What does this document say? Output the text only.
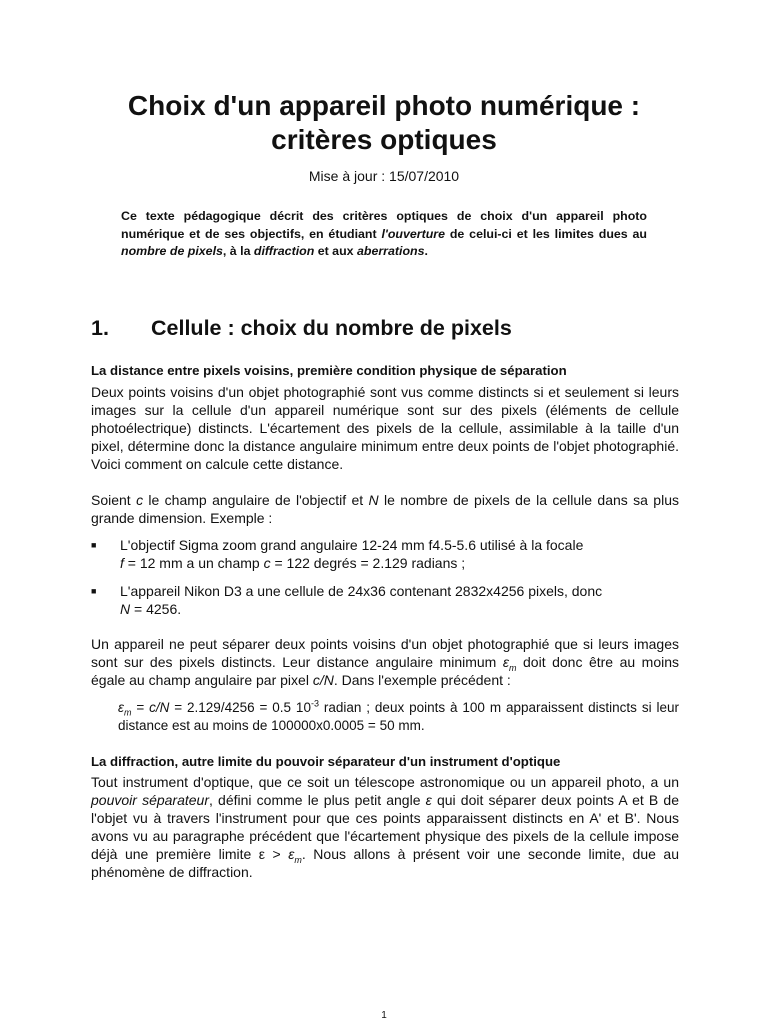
Choix d'un appareil photo numérique :
critères optiques
Mise à jour : 15/07/2010
Ce texte pédagogique décrit des critères optiques de choix d'un appareil photo numérique et de ses objectifs, en étudiant l'ouverture de celui-ci et les limites dues au nombre de pixels, à la diffraction et aux aberrations.
1. Cellule : choix du nombre de pixels
La distance entre pixels voisins, première condition physique de séparation

Deux points voisins d'un objet photographié sont vus comme distincts si et seulement si leurs images sur la cellule d'un appareil numérique sont sur des pixels (éléments de cellule photoélectrique) distincts. L'écartement des pixels de la cellule, assimilable à la taille d'un pixel, détermine donc la distance angulaire minimum entre deux points de l'objet photographié. Voici comment on calcule cette distance.

Soient c le champ angulaire de l'objectif et N le nombre de pixels de la cellule dans sa plus grande dimension. Exemple :

■ L'objectif Sigma zoom grand angulaire 12-24 mm f4.5-5.6 utilisé à la focale
f = 12 mm a un champ c = 122 degrés = 2.129 radians ;
■ L'appareil Nikon D3 a une cellule de 24x36 contenant 2832x4256 pixels, donc
N = 4256.

Un appareil ne peut séparer deux points voisins d'un objet photographié que si leurs images sont sur des pixels distincts. Leur distance angulaire minimum $\varepsilon_m$ doit donc être au moins égale au champ angulaire par pixel c/N. Dans l'exemple précédent :

$\varepsilon_m = c/N = 2.129/4256 = 0.5$ $10^{-3}$ radian ; deux points à 100 m apparaissent distincts si leur distance est au moins de 100000x0.0005 = 50 mm.
La diffraction, autre limite du pouvoir séparateur d'un instrument d'optique

Tout instrument d'optique, que ce soit un télescope astronomique ou un appareil photo, a un pouvoir séparateur, défini comme le plus petit angle ε qui doit séparer deux points A et B de l'objet vu à travers l'instrument pour que ces points apparaissent distincts en A' et B'. Nous avons vu au paragraphe précédent que l'écartement physique des pixels de la cellule impose déjà une première limite $\varepsilon > \varepsilon_m$. Nous allons à présent voir une seconde limite, due au phénomène de diffraction.

1
